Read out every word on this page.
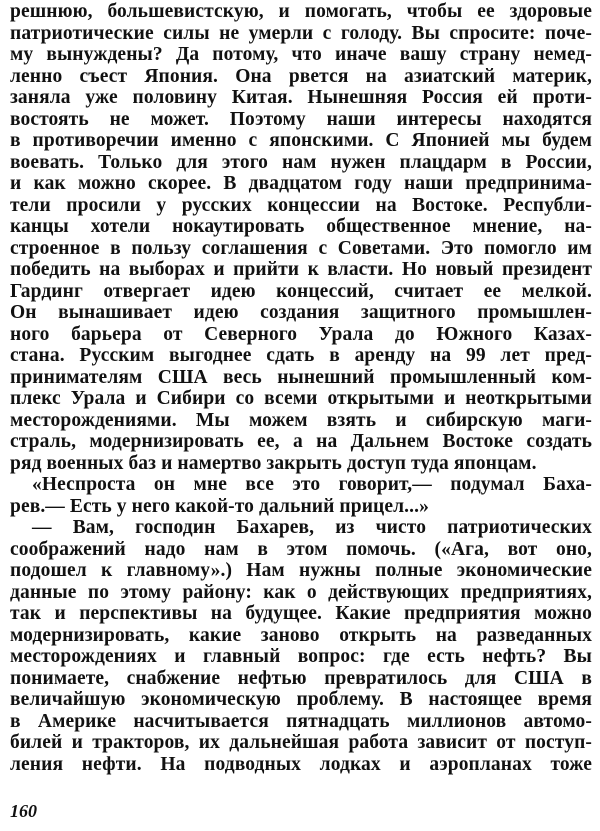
решнюю, большевистскую, и помогать, чтобы ее здоровые
патриотические силы не умерли с голоду. Вы спросите: поче-
му вынуждены? Да потому, что иначе вашу страну немед-
ленно съест Япония. Она рвется на азиатский материк,
заняла уже половину Китая. Нынешняя Россия ей проти-
востоять не может. Поэтому наши интересы находятся
в противоречии именно с японскими. С Японией мы будем
воевать. Только для этого нам нужен плацдарм в России,
и как можно скорее. В двадцатом году наши предпринима-
тели просили у русских концессии на Востоке. Республи-
канцы хотели нокаутировать общественное мнение, на-
строенное в пользу соглашения с Советами. Это помогло им
победить на выборах и прийти к власти. Но новый президент
Гардинг отвергает идею концессий, считает ее мелкой.
Он вынашивает идею создания защитного промышлен-
ного барьера от Северного Урала до Южного Казах-
стана. Русским выгоднее сдать в аренду на 99 лет пред-
принимателям США весь нынешний промышленный ком-
плекс Урала и Сибири со всеми открытыми и неоткрытыми
месторождениями. Мы можем взять и сибирскую маги-
страль, модернизировать ее, а на Дальнем Востоке создать
ряд военных баз и намертво закрыть доступ туда японцам.
«Неспроста он мне все это говорит,— подумал Баха-
рев.— Есть у него какой-то дальний прицел...»
— Вам, господин Бахарев, из чисто патриотических
соображений надо нам в этом помочь. («Ага, вот оно,
подошел к главному».) Нам нужны полные экономические
данные по этому району: как о действующих предприятиях,
так и перспективы на будущее. Какие предприятия можно
модернизировать, какие заново открыть на разведанных
месторождениях и главный вопрос: где есть нефть? Вы
понимаете, снабжение нефтью превратилось для США в
величайшую экономическую проблему. В настоящее время
в Америке насчитывается пятнадцать миллионов автомо-
билей и тракторов, их дальнейшая работа зависит от поступ-
ления нефти. На подводных лодках и аэропланах тоже
160
